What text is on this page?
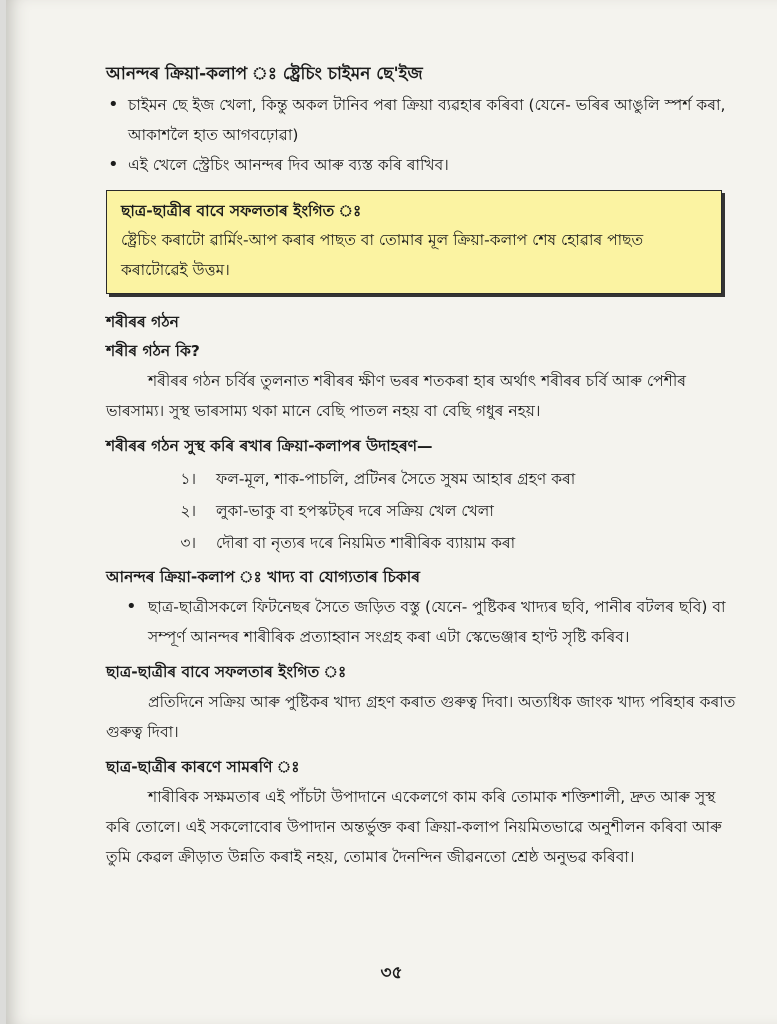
আনন্দৰ ক্ৰিয়া-কলাপ ঃ ষ্ট্ৰেচিং চাইমন ছে'ইজ
• চাইমন ছে ইজ খেলা, কিন্তু অকল টানিব পৰা ক্ৰিয়া ব্যৱহাৰ কৰিবা (যেনে- ভৰিৰ আঙুলি স্পৰ্শ কৰা, আকাশলৈ হাত আগবঢ়োৱা)
• এই খেলে স্ট্ৰেচিং আনন্দৰ দিব আৰু ব্যস্ত কৰি ৰাখিব।
ছাত্ৰ-ছাত্ৰীৰ বাবে সফলতাৰ ইংগিত ঃ

ষ্ট্ৰেচিং কৰাটো ৱাৰ্মিং-আপ কৰাৰ পাছত বা তোমাৰ মূল ক্ৰিয়া-কলাপ শেষ হোৱাৰ পাছত কৰাটোৱেই উত্তম।

শৰীৰৰ গঠন
শৰীৰ গঠন কি?

শৰীৰৰ গঠন চৰ্বিৰ তুলনাত শৰীৰৰ ক্ষীণ ভৰৰ শতকৰা হাৰ অৰ্থাৎ শৰীৰৰ চৰ্বি আৰু পেশীৰ ভাৰসাম্য। সুস্থ ভাৰসাম্য থকা মানে বেছি পাতল নহয় বা বেছি গধুৰ নহয়।

শৰীৰৰ গঠন সুস্থ কৰি ৰখাৰ ক্ৰিয়া-কলাপৰ উদাহৰণ—
১।	ফল-মূল, শাক-পাচলি, প্ৰটিনৰ সৈতে সুষম আহাৰ গ্ৰহণ কৰা
২।	লুকা-ভাকু বা হপস্কটচ্‌ৰ দৰে সক্ৰিয় খেল খেলা
৩।	দৌৰা বা নৃত্যৰ দৰে নিয়মিত শাৰীৰিক ব্যায়াম কৰা
আনন্দৰ ক্ৰিয়া-কলাপ ঃ খাদ্য বা যোগ্যতাৰ চিকাৰ
• ছাত্ৰ-ছাত্ৰীসকলে ফিটনেছৰ সৈতে জড়িত বস্তু (যেনে- পুষ্টিকৰ খাদ্যৰ ছবি, পানীৰ বটলৰ ছবি) বা সম্পূৰ্ণ আনন্দৰ শাৰীৰিক প্ৰত্যাহ্বান সংগ্ৰহ কৰা এটা স্কেভেঞ্জাৰ হাণ্ট সৃষ্টি কৰিব।
ছাত্ৰ-ছাত্ৰীৰ বাবে সফলতাৰ ইংগিত ঃ

প্ৰতিদিনে সক্ৰিয় আৰু পুষ্টিকৰ খাদ্য গ্ৰহণ কৰাত গুৰুত্ব দিবা। অত্যধিক জাংক খাদ্য পৰিহাৰ কৰাত গুৰুত্ব দিবা।

ছাত্ৰ-ছাত্ৰীৰ কাৰণে সামৰণি ঃ

শাৰীৰিক সক্ষমতাৰ এই পাঁচটা উপাদানে একেলগে কাম কৰি তোমাক শক্তিশালী, দ্ৰুত আৰু সুস্থ কৰি তোলে। এই সকলোবোৰ উপাদান অন্তৰ্ভুক্ত কৰা ক্ৰিয়া-কলাপ নিয়মিতভাৱে অনুশীলন কৰিবা আৰু তুমি কেৱল ক্ৰীড়াত উন্নতি কৰাই নহয়, তোমাৰ দৈনন্দিন জীৱনতো শ্ৰেষ্ঠ অনুভৱ কৰিবা।

৩৫
